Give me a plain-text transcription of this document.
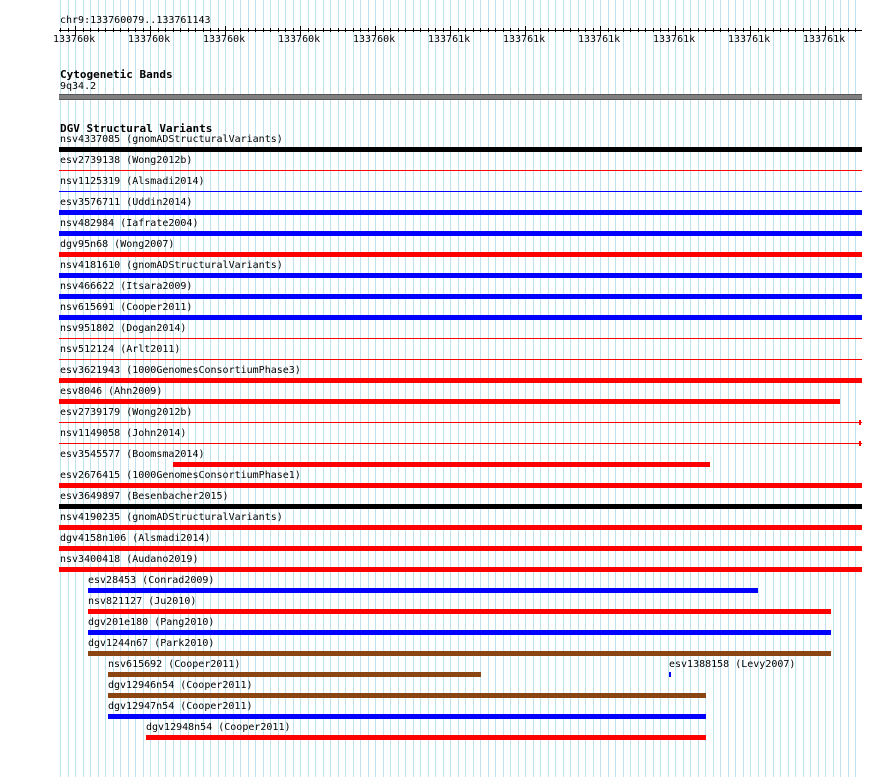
chr9:133760079..133761143
133760k	133760k	133760k	133760k	133760k	133761k	133761k	133761k	133761k	133761k	133761k
Cytogenetic Bands
9q34.2
DGV Structural Variants
nsv4337085 (gnomADStructuralVariants)
esv2739138 (Wong2012b)
nsv1125319 (Alsmadi2014)
esv3576711 (Uddin2014)
nsv482984 (Iafrate2004)
dgv95n68 (Wong2007)
nsv4181610 (gnomADStructuralVariants)
nsv466622 (Itsara2009)
nsv615691 (Cooper2011)
nsv951802 (Dogan2014)
nsv512124 (Arlt2011)
esv3621943 (1000GenomesConsortiumPhase3)
esv8046 (Ahn2009)
esv2739179 (Wong2012b)
nsv1149058 (John2014)
esv3545577 (Boomsma2014)
esv2676415 (1000GenomesConsortiumPhase1)
esv3649897 (Besenbacher2015)
nsv4190235 (gnomADStructuralVariants)
dgv4158n106 (Alsmadi2014)
nsv3400418 (Audano2019)
esv28453 (Conrad2009)
nsv821127 (Ju2010)
dgv201e180 (Pang2010)
dgv1244n67 (Park2010)
nsv615692 (Cooper2011)	esv1388158 (Levy2007)
dgv12946n54 (Cooper2011)
dgv12947n54 (Cooper2011)
dgv12948n54 (Cooper2011)
